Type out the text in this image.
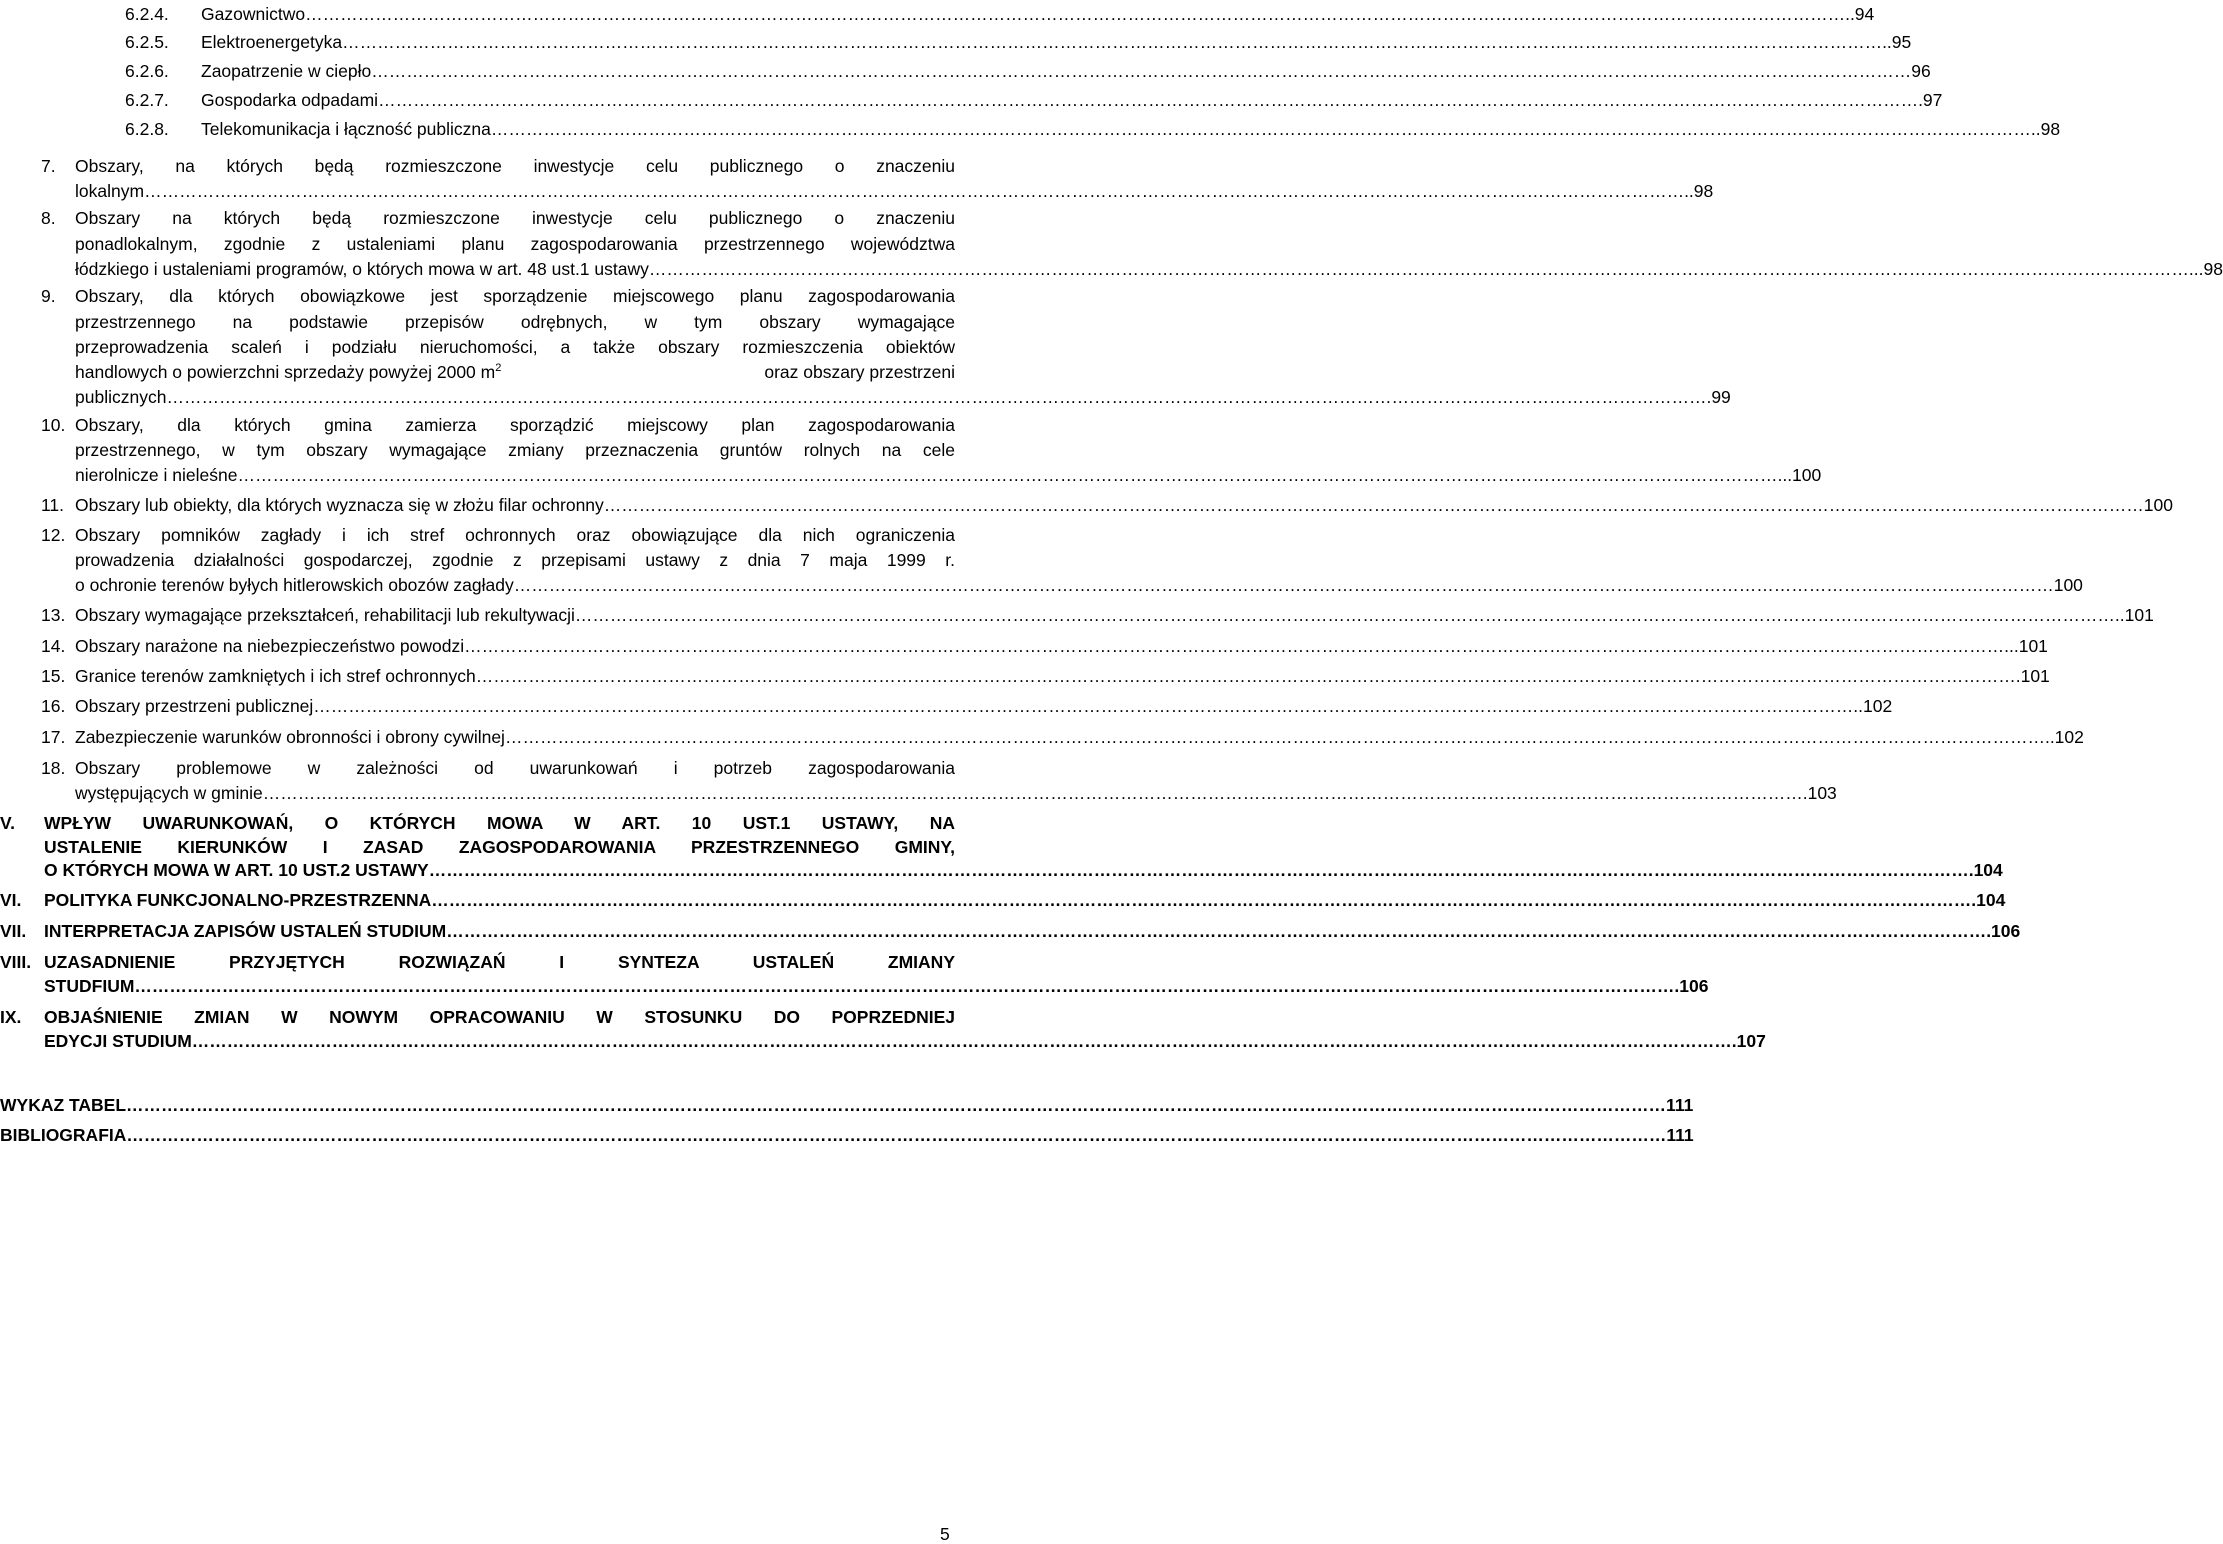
6.2.4.	Gazownictwo ………………………………………………………………………………………………………………………………………………………………………………………………………………………………………… ..94
6.2.5.	Elektroenergetyka ………………………………………………………………………………………………………………………………………………………………………………………………………………………………………… ..95
6.2.6.	Zaopatrzenie w ciepło ………………………………………………………………………………………………………………………………………………………………………………………………………………………………………… 96
6.2.7.	Gospodarka odpadami ………………………………………………………………………………………………………………………………………………………………………………………………………………………………………… .97
6.2.8.	Telekomunikacja i łączność publiczna ………………………………………………………………………………………………………………………………………………………………………………………………………………………………………… ..98
7.	Obszary, na których będą rozmieszczone inwestycje celu publicznego o znaczeniu
lokalnym ………………………………………………………………………………………………………………………………………………………………………………………………………………………………………… ..98
8.	Obszary na których będą rozmieszczone inwestycje celu publicznego o znaczeniu
ponadlokalnym, zgodnie z ustaleniami planu zagospodarowania przestrzennego województwa
łódzkiego i ustaleniami programów, o których mowa w art. 48 ust.1 ustawy ………………………………………………………………………………………………………………………………………………………………………………………………………………………………………… ...98
9.	Obszary, dla których obowiązkowe jest sporządzenie miejscowego planu zagospodarowania
przestrzennego na podstawie przepisów odrębnych, w tym obszary wymagające
przeprowadzenia scaleń i podziału nieruchomości, a także obszary rozmieszczenia obiektów
handlowych o powierzchni sprzedaży powyżej 2000 $m^2$	oraz obszary przestrzeni
publicznych ………………………………………………………………………………………………………………………………………………………………………………………………………………………………………… .99
10. Obszary, dla których gmina zamierza sporządzić miejscowy plan zagospodarowania
przestrzennego, w tym obszary wymagające zmiany przeznaczenia gruntów rolnych na cele
nierolnicze i nieleśne ………………………………………………………………………………………………………………………………………………………………………………………………………………………………………… ...100
11. Obszary lub obiekty, dla których wyznacza się w złożu filar ochronny ………………………………………………………………………………………………………………………………………………………………………………………………………………………………………… 100
12. Obszary pomników zagłady i ich stref ochronnych oraz obowiązujące dla nich ograniczenia
prowadzenia działalności gospodarczej, zgodnie z przepisami ustawy z dnia 7 maja 1999 r.
o ochronie terenów byłych hitlerowskich obozów zagłady ………………………………………………………………………………………………………………………………………………………………………………………………………………………………………… 100
13. Obszary wymagające przekształceń, rehabilitacji lub rekultywacji ………………………………………………………………………………………………………………………………………………………………………………………………………………………………………… ..101
14. Obszary narażone na niebezpieczeństwo powodzi ………………………………………………………………………………………………………………………………………………………………………………………………………………………………………… ...101
15. Granice terenów zamkniętych i ich stref ochronnych ………………………………………………………………………………………………………………………………………………………………………………………………………………………………………… .101
16. Obszary przestrzeni publicznej ………………………………………………………………………………………………………………………………………………………………………………………………………………………………………… ..102
17. Zabezpieczenie warunków obronności i obrony cywilnej ………………………………………………………………………………………………………………………………………………………………………………………………………………………………………… ..102
18. Obszary problemowe w zależności od uwarunkowań i potrzeb zagospodarowania
występujących w gminie ………………………………………………………………………………………………………………………………………………………………………………………………………………………………………… .103
V.	WPŁYW UWARUNKOWAŃ, O KTÓRYCH MOWA W ART. 10 UST.1 USTAWY, NA
USTALENIE KIERUNKÓW I ZASAD ZAGOSPODAROWANIA PRZESTRZENNEGO GMINY,
O KTÓRYCH MOWA W ART. 10 UST.2 USTAWY ………………………………………………………………………………………………………………………………………………………………………………………………………………………………………… .104
VI.	POLITYKA FUNKCJONALNO-PRZESTRZENNA ………………………………………………………………………………………………………………………………………………………………………………………………………………………………………… .104
VII.	INTERPRETACJA ZAPISÓW USTALEŃ STUDIUM ………………………………………………………………………………………………………………………………………………………………………………………………………………………………………… .106
VIII. UZASADNIENIE PRZYJĘTYCH ROZWIĄZAŃ I SYNTEZA USTALEŃ ZMIANY
STUDFIUM ………………………………………………………………………………………………………………………………………………………………………………………………………………………………………… .106
IX.	OBJAŚNIENIE ZMIAN W NOWYM OPRACOWANIU W STOSUNKU DO POPRZEDNIEJ
EDYCJI STUDIUM ………………………………………………………………………………………………………………………………………………………………………………………………………………………………………… .107
WYKAZ TABEL ………………………………………………………………………………………………………………………………………………………………………………………………………………………………………… 111
BIBLIOGRAFIA ………………………………………………………………………………………………………………………………………………………………………………………………………………………………………… 111
5
